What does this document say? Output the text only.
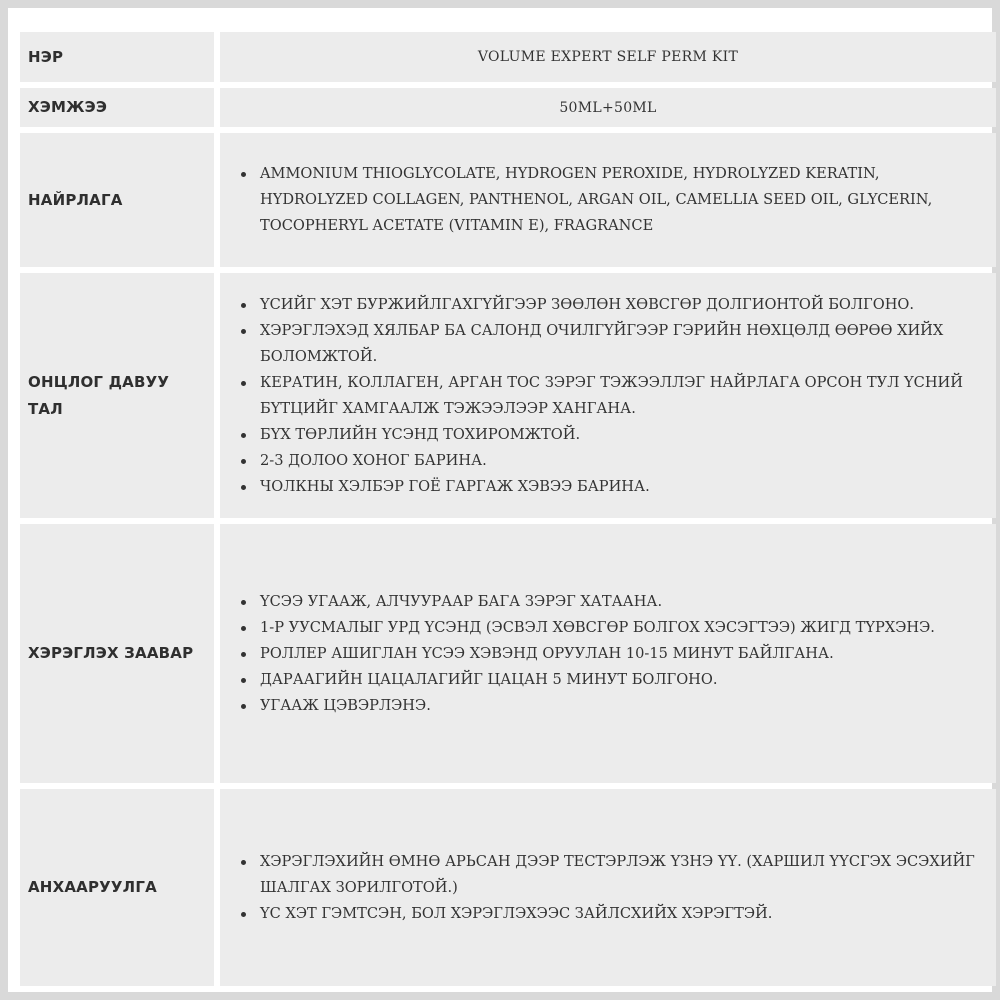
НЭР	VOLUME EXPERT SELF PERM KIT
ХЭМЖЭЭ	50ML+50ML
НАЙРЛАГА
AMMONIUM THIOGLYCOLATE, HYDROGEN PEROXIDE, HYDROLYZED KERATIN, HYDROLYZED COLLAGEN, PANTHENOL, ARGAN OIL, CAMELLIA SEED OIL, GLYCERIN, TOCOPHERYL ACETATE (VITAMIN E), FRAGRANCE
ОНЦЛОГ ДАВУУ ТАЛ
ҮСИЙГ ХЭТ БУРЖИЙЛГАХГҮЙГЭЭР ЗӨӨЛӨН ХӨВСГӨР ДОЛГИОНТОЙ БОЛГОНО.
ХЭРЭГЛЭХЭД ХЯЛБАР БА САЛОНД ОЧИЛГҮЙГЭЭР ГЭРИЙН НӨХЦӨЛД ӨӨРӨӨ ХИЙХ БОЛОМЖТОЙ.
КЕРАТИН, КОЛЛАГЕН, АРГАН ТОС ЗЭРЭГ ТЭЖЭЭЛЛЭГ НАЙРЛАГА ОРСОН ТУЛ ҮСНИЙ БҮТЦИЙГ ХАМГААЛЖ ТЭЖЭЭЛЭЭР ХАНГАНА.
БҮХ ТӨРЛИЙН ҮСЭНД ТОХИРОМЖТОЙ.
2-3 ДОЛОО ХОНОГ БАРИНА.
ЧОЛКНЫ ХЭЛБЭР ГОЁ ГАРГАЖ ХЭВЭЭ БАРИНА.
ХЭРЭГЛЭХ ЗААВАР
ҮСЭЭ УГААЖ, АЛЧУУРААР БАГА ЗЭРЭГ ХАТААНА.
1-Р УУСМАЛЫГ УРД ҮСЭНД (ЭСВЭЛ ХӨВСГӨР БОЛГОХ ХЭСЭГТЭЭ) ЖИГД ТҮРХЭНЭ.
РОЛЛЕР АШИГЛАН ҮСЭЭ ХЭВЭНД ОРУУЛАН 10-15 МИНУТ БАЙЛГАНА.
ДАРААГИЙН ЦАЦАЛАГИЙГ ЦАЦАН 5 МИНУТ БОЛГОНО.
УГААЖ ЦЭВЭРЛЭНЭ.
АНХААРУУЛГА
ХЭРЭГЛЭХИЙН ӨМНӨ АРЬСАН ДЭЭР ТЕСТЭРЛЭЖ ҮЗНЭ ҮҮ. (ХАРШИЛ ҮҮСГЭХ ЭСЭХИЙГ ШАЛГАХ ЗОРИЛГОТОЙ.)
ҮС ХЭТ ГЭМТСЭН, БОЛ ХЭРЭГЛЭХЭЭС ЗАЙЛСХИЙХ ХЭРЭГТЭЙ.
